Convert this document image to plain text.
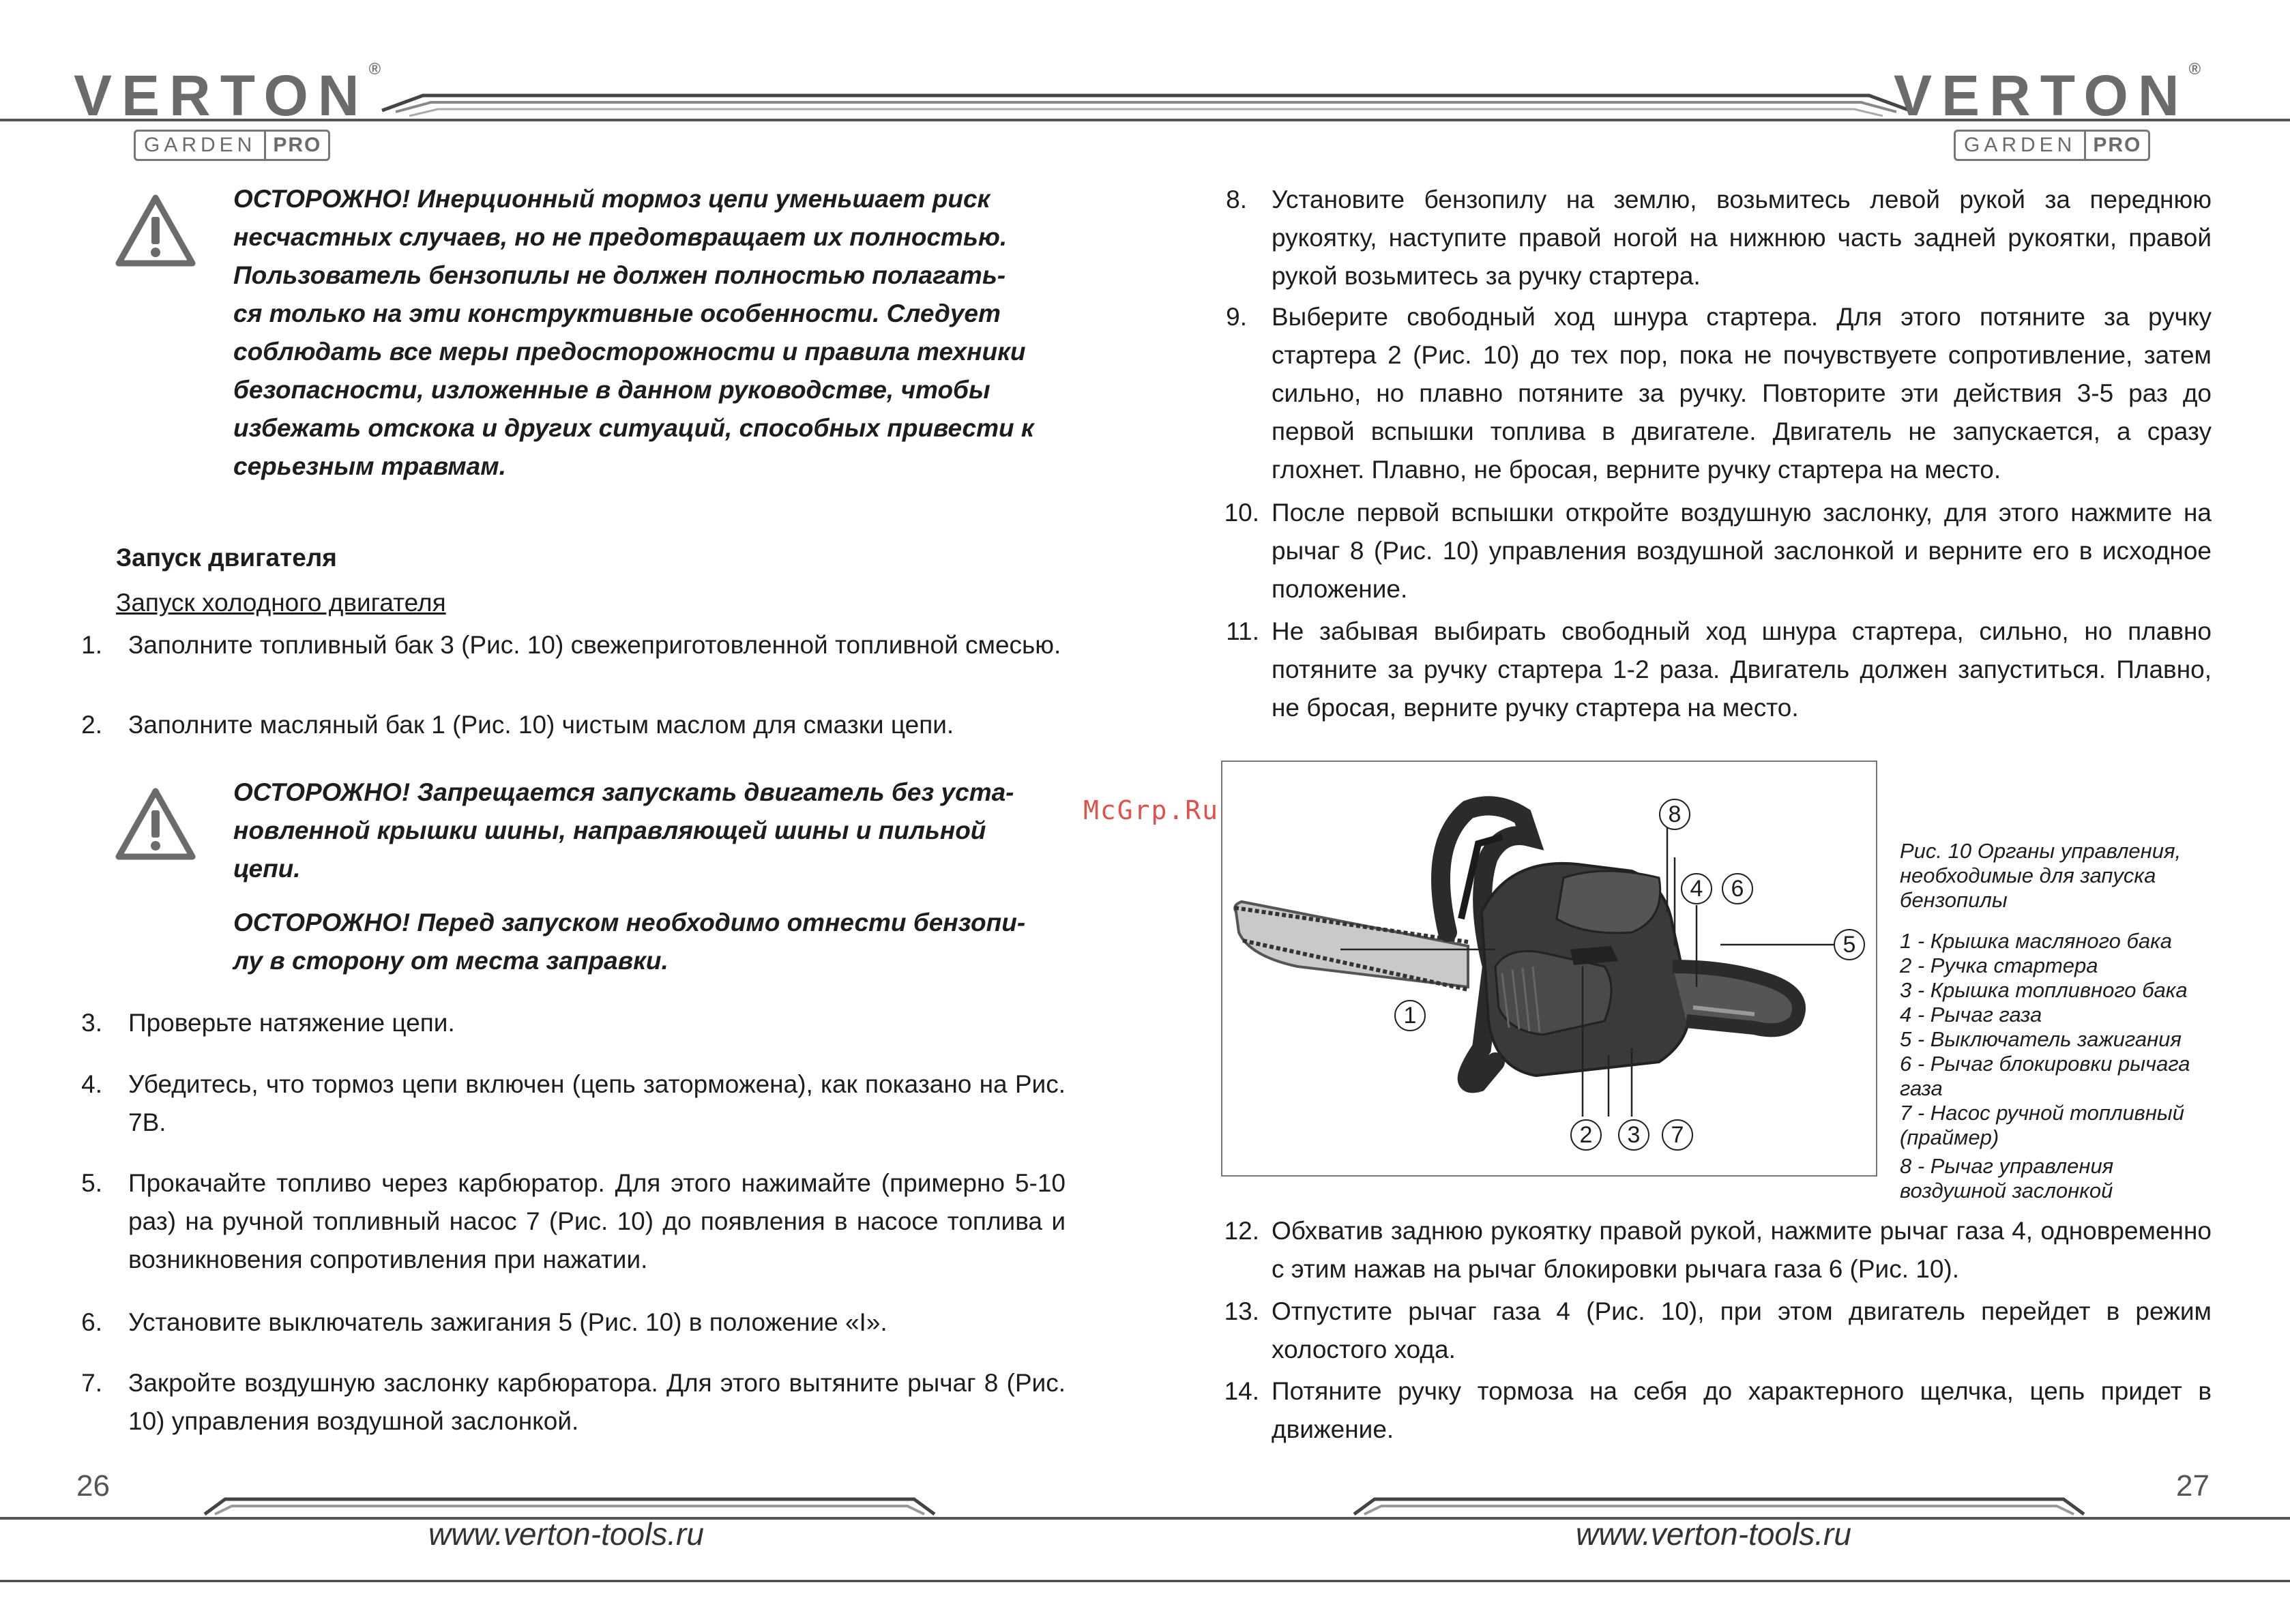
VERTON®
GARDEN PRO
VERTON®
GARDEN PRO
ОСТОРОЖНО! Инерционный тормоз цепи уменьшает риск
несчастных случаев, но не предотвращает их полностью.
Пользователь бензопилы не должен полностью полагать-
ся только на эти конструктивные особенности. Следует
соблюдать все меры предосторожности и правила техники
безопасности, изложенные в данном руководстве, чтобы
избежать отскока и других ситуаций, способных привести к
серьезным травмам.
Запуск двигателя
Запуск холодного двигателя
1.	Заполните топливный бак 3 (Рис. 10) свежеприготовленной топливной смесью.
2.	Заполните масляный бак 1 (Рис. 10) чистым маслом для смазки цепи.
ОСТОРОЖНО! Запрещается запускать двигатель без уста-
новленной крышки шины, направляющей шины и пильной
цепи.
ОСТОРОЖНО! Перед запуском необходимо отнести бензопи-
лу в сторону от места заправки.
3.	Проверьте натяжение цепи.
4.	Убедитесь, что тормоз цепи включен (цепь заторможена), как показано на Рис. 7В.
5.	Прокачайте топливо через карбюратор. Для этого нажимайте (примерно 5-10 раз) на ручной топливный насос 7 (Рис. 10) до появления в насосе топлива и возникновения сопротивления при нажатии.
6.	Установите выключатель зажигания 5 (Рис. 10) в положение «I».
7.	Закройте воздушную заслонку карбюратора. Для этого вытяните рычаг 8 (Рис. 10) управления воздушной заслонкой.
McGrp.Ru
8. Установите бензопилу на землю, возьмитесь левой рукой за переднюю рукоятку, наступите правой ногой на нижнюю часть задней рукоятки, правой рукой возьмитесь за ручку стартера.
9. Выберите свободный ход шнура стартера. Для этого потяните за ручку стартера 2 (Рис. 10) до тех пор, пока не почувствуете сопротивление, затем сильно, но плавно потяните за ручку. Повторите эти действия 3-5 раз до первой вспышки топлива в двигателе. Двигатель не запускается, а сразу глохнет. Плавно, не бросая, верните ручку стартера на место.
10. После первой вспышки откройте воздушную заслонку, для этого нажмите на рычаг 8 (Рис. 10) управления воздушной заслонкой и верните его в исходное положение.
11. Не забывая выбирать свободный ход шнура стартера, сильно, но плавно потяните за ручку стартера 1-2 раза. Двигатель должен запуститься. Плавно, не бросая, верните ручку стартера на место.
1
2	3
4
5
6
7
8
Рис. 10 Органы управления,
необходимые для запуска
бензопилы
1 - Крышка масляного бака
2 - Ручка стартера
3 - Крышка топливного бака
4 - Рычаг газа
5 - Выключатель зажигания
6 - Рычаг блокировки рычага
газа
7 - Насос ручной топливный
(праймер)
8 - Рычаг управления
воздушной заслонкой
12. Обхватив заднюю рукоятку правой рукой, нажмите рычаг газа 4, одновременно с этим нажав на рычаг блокировки рычага газа 6 (Рис. 10).
13. Отпустите рычаг газа 4 (Рис. 10), при этом двигатель перейдет в режим холостого хода.
14. Потяните ручку тормоза на себя до характерного щелчка, цепь придет в движение.
26	27
www.verton-tools.ru	www.verton-tools.ru
